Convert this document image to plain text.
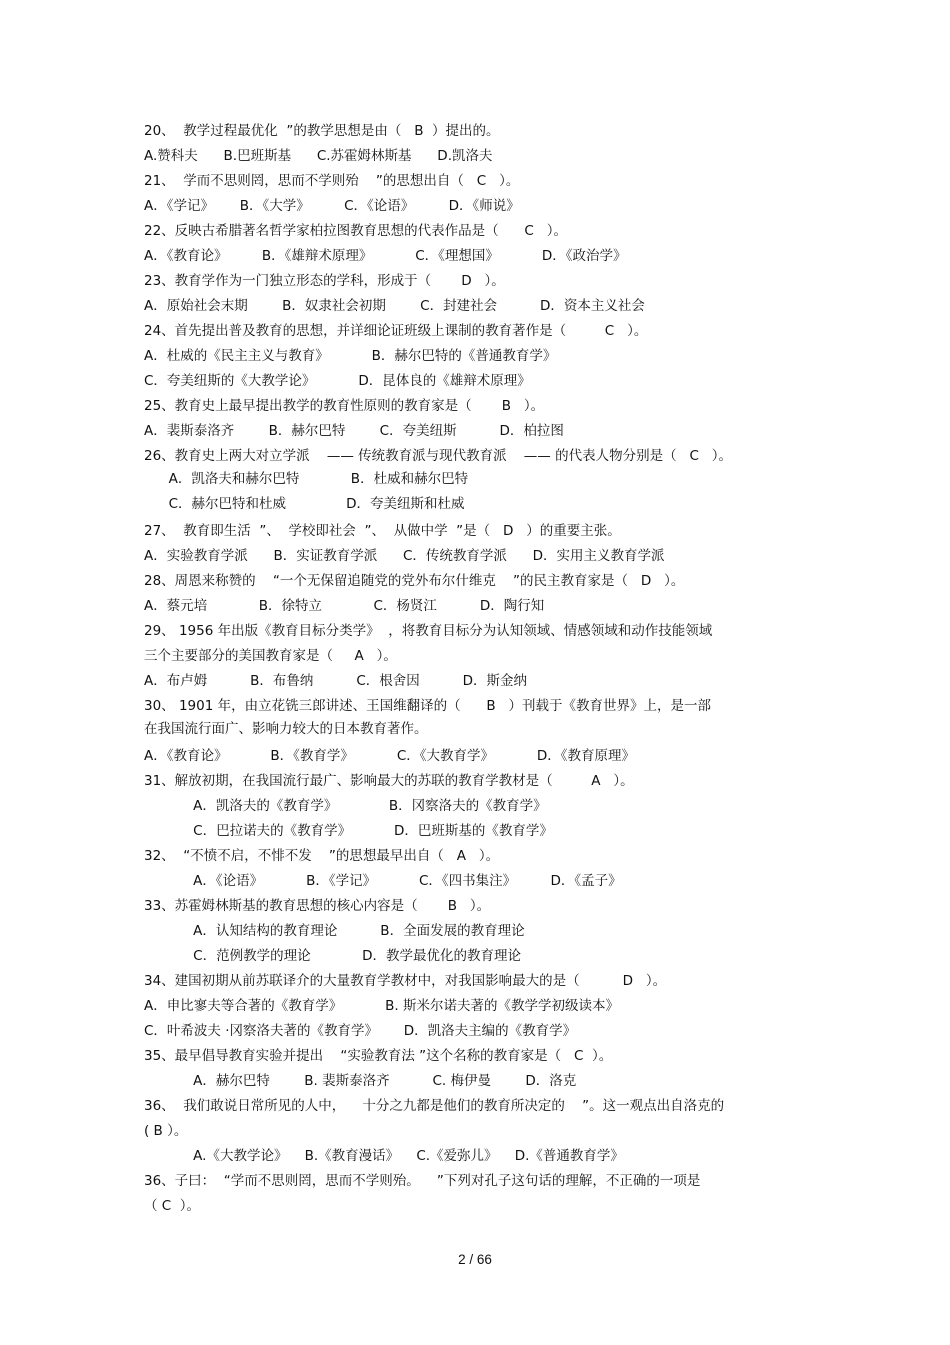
20、  教学过程最优化  ”的教学思想是由（   B  ）提出的。
A.赞科夫      B.巴班斯基      C.苏霍姆林斯基      D.凯洛夫
21、  学而不思则罔，思而不学则殆    ”的思想出自（   C   ）。
A．《学记》      B．《大学》        C．《论语》        D．《师说》
22、反映古希腊著名哲学家柏拉图教育思想的代表作品是（      C   ）。
A．《教育论》        B．《雄辩术原理》          C．《理想国》          D．《政治学》
23、教育学作为一门独立形态的学科，形成于（       D   ）。
A．原始社会末期        B．奴隶社会初期        C．封建社会          D．资本主义社会
24、首先提出普及教育的思想，并详细论证班级上课制的教育著作是（         C   ）。
A．杜威的《民主主义与教育》          B．赫尔巴特的《普通教育学》
C．夸美纽斯的《大教学论》          D．昆体良的《雄辩术原理》
25、教育史上最早提出教学的教育性原则的教育家是（       B   ）。
A．裴斯泰洛齐        B．赫尔巴特        C．夸美纽斯          D．柏拉图
26、教育史上两大对立学派    —— 传统教育派与现代教育派    —— 的代表人物分别是（   C   ）。
A．凯洛夫和赫尔巴特            B．杜威和赫尔巴特
C．赫尔巴特和杜威              D．夸美纽斯和杜威
27、  教育即生活  ”、  学校即社会  ”、  从做中学  ”是（   D   ）的重要主张。
A．实验教育学派      B．实证教育学派      C．传统教育学派      D．实用主义教育学派
28、周恩来称赞的    “一个无保留追随党的党外布尔什维克    ”的民主教育家是（   D   ）。
A．蔡元培            B．徐特立            C．杨贤江          D．陶行知
29、 1956 年出版《教育目标分类学》  ，将教育目标分为认知领域、情感领域和动作技能领域
三个主要部分的美国教育家是（     A   ）。
A．布卢姆          B．布鲁纳          C．根舍因          D．斯金纳
30、 1901 年，由立花铣三郎讲述、王国维翻译的（      B   ）刊载于《教育世界》上，是一部
在我国流行面广、影响力较大的日本教育著作。
A．《教育论》          B．《教育学》          C．《大教育学》          D．《教育原理》
31、解放初期，在我国流行最广、影响最大的苏联的教育学教材是（         A   ）。
A．凯洛夫的《教育学》            B．冈察洛夫的《教育学》
C．巴拉诺夫的《教育学》          D．巴班斯基的《教育学》
32、  “不愤不启，不悱不发    ”的思想最早出自（   A   ）。
A．《论语》          B．《学记》          C．《四书集注》        D．《孟子》
33、苏霍姆林斯基的教育思想的核心内容是（       B   ）。
A．认知结构的教育理论          B．全面发展的教育理论
C．范例教学的理论            D．教学最优化的教育理论
34、建国初期从前苏联译介的大量教育学教材中，对我国影响最大的是（          D   ）。
A．申比寥夫等合著的《教育学》          B. 斯米尔诺夫著的《教学学初级读本》
C．叶希波夫 ·冈察洛夫著的《教育学》      D．凯洛夫主编的《教育学》
35、最早倡导教育实验并提出    “实验教育法 ”这个名称的教育家是（   C  ）。
A．赫尔巴特        B. 裴斯泰洛齐          C. 梅伊曼        D．洛克
36、  我们敢说日常所见的人中，    十分之九都是他们的教育所决定的    ”。这一观点出自洛克的
( B ）。
A.《大教学论》    B.《教育漫话》    C.《爱弥儿》    D.《普通教育学》
36、子曰：  “学而不思则罔，思而不学则殆。    ”下列对孔子这句话的理解，不正确的一项是
（ C  ）。
2 / 66
